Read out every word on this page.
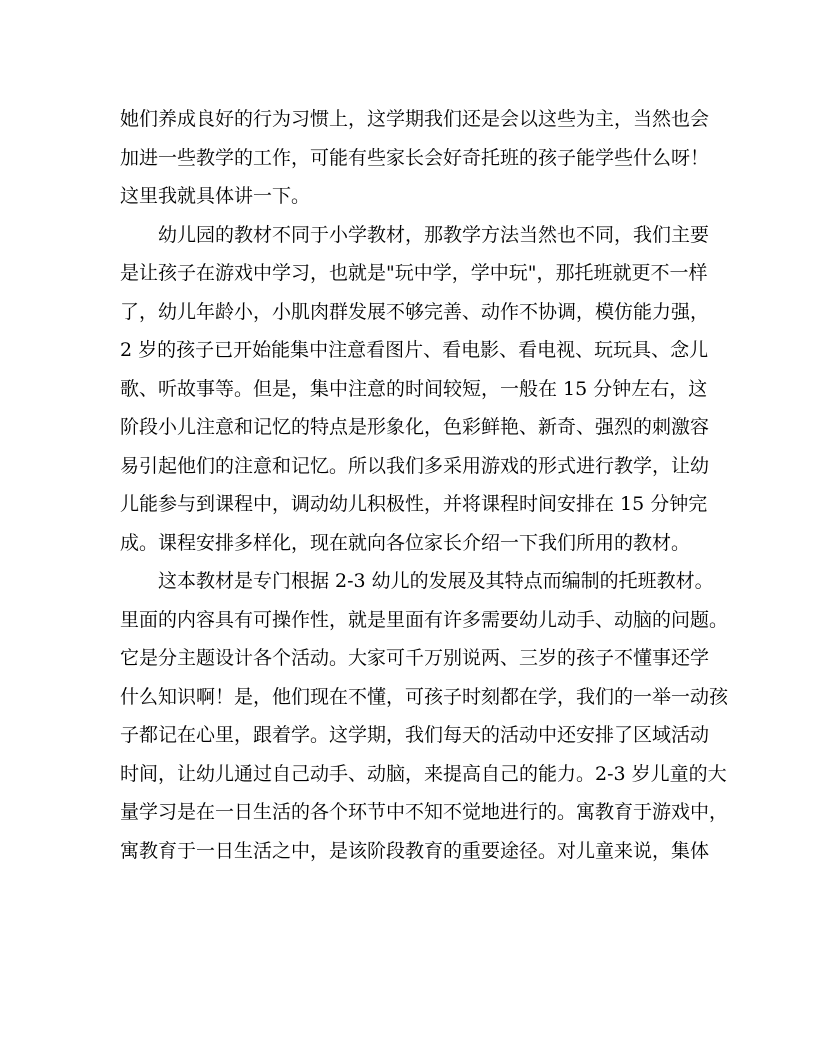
她们养成良好的行为习惯上，这学期我们还是会以这些为主，当然也会
加进一些教学的工作，可能有些家长会好奇托班的孩子能学些什么呀！
这里我就具体讲一下。
幼儿园的教材不同于小学教材，那教学方法当然也不同，我们主要
是让孩子在游戏中学习，也就是"玩中学，学中玩"，那托班就更不一样
了，幼儿年龄小，小肌肉群发展不够完善、动作不协调，模仿能力强，
2 岁的孩子已开始能集中注意看图片、看电影、看电视、玩玩具、念儿
歌、听故事等。但是，集中注意的时间较短，一般在 15 分钟左右，这
阶段小儿注意和记忆的特点是形象化，色彩鲜艳、新奇、强烈的刺激容
易引起他们的注意和记忆。所以我们多采用游戏的形式进行教学，让幼
儿能参与到课程中，调动幼儿积极性，并将课程时间安排在 15 分钟完
成。课程安排多样化，现在就向各位家长介绍一下我们所用的教材。
这本教材是专门根据 2-3 幼儿的发展及其特点而编制的托班教材。
里面的内容具有可操作性，就是里面有许多需要幼儿动手、动脑的问题。
它是分主题设计各个活动。大家可千万别说两、三岁的孩子不懂事还学
什么知识啊！是，他们现在不懂，可孩子时刻都在学，我们的一举一动孩
子都记在心里，跟着学。这学期，我们每天的活动中还安排了区域活动
时间，让幼儿通过自己动手、动脑，来提高自己的能力。2-3 岁儿童的大
量学习是在一日生活的各个环节中不知不觉地进行的。寓教育于游戏中，
寓教育于一日生活之中，是该阶段教育的重要途径。对儿童来说，集体
